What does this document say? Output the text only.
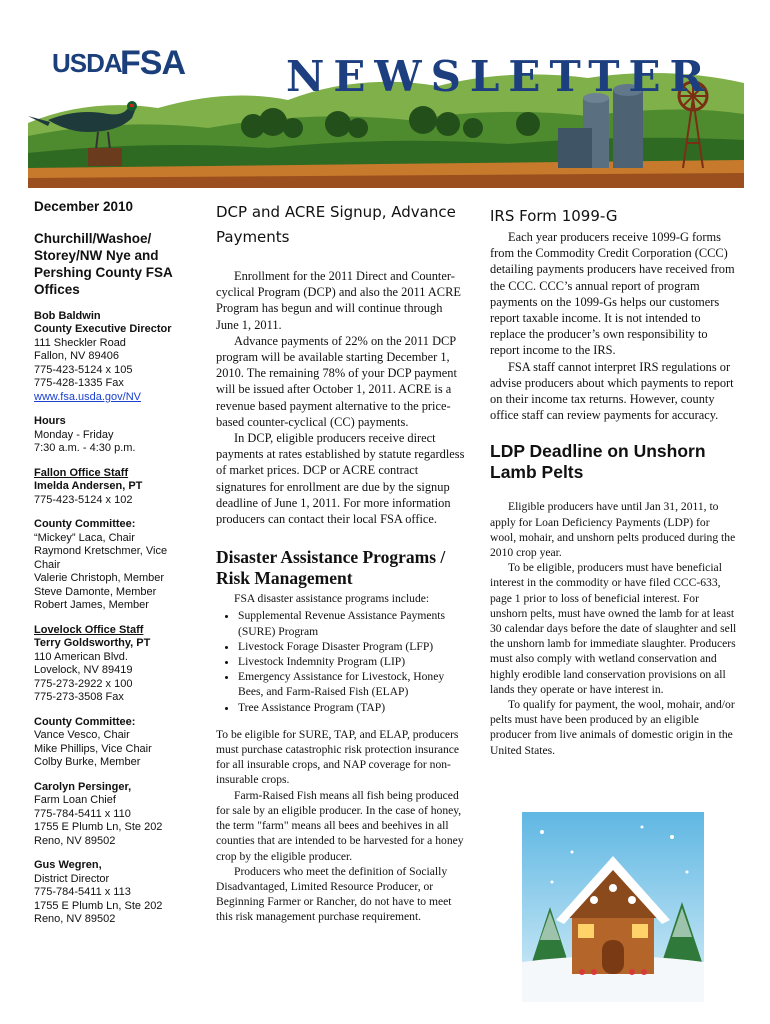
USDA
FSA NEWSLETTER
December 2010
Churchill/Washoe/ Storey/NW Nye and Pershing County FSA Offices
Bob Baldwin
County Executive Director
111 Sheckler Road
Fallon, NV 89406
775-423-5124 x 105
775-428-1335 Fax
www.fsa.usda.gov/NV
Hours
Monday - Friday
7:30 a.m. - 4:30 p.m.
Fallon Office Staff
Imelda Andersen, PT
775-423-5124 x 102
County Committee:
“Mickey” Laca, Chair
Raymond Kretschmer, Vice Chair
Valerie Christoph, Member
Steve Damonte, Member
Robert James, Member
Lovelock Office Staff
Terry Goldsworthy, PT
110 American Blvd.
Lovelock, NV 89419
775-273-2922 x 100
775-273-3508 Fax
County Committee:
Vance Vesco, Chair
Mike Phillips, Vice Chair
Colby Burke, Member
Carolyn Persinger,
Farm Loan Chief
775-784-5411 x 110
1755 E Plumb Ln, Ste 202
Reno, NV 89502
Gus Wegren,
District Director
775-784-5411 x 113
1755 E Plumb Ln, Ste 202
Reno, NV 89502
DCP and ACRE Signup, Advance Payments

Enrollment for the 2011 Direct and Counter-cyclical Program (DCP) and also the 2011 ACRE Program has begun and will continue through June 1, 2011.

Advance payments of 22% on the 2011 DCP program will be available starting December 1, 2010. The remaining 78% of your DCP payment will be issued after October 1, 2011. ACRE is a revenue based payment alternative to the price-based counter-cyclical (CC) payments.

In DCP, eligible producers receive direct payments at rates established by statute regardless of market prices. DCP or ACRE contract signatures for enrollment are due by the signup deadline of June 1, 2011. For more information producers can contact their local FSA office.

Disaster Assistance Programs / Risk Management

FSA disaster assistance programs include:

• Supplemental Revenue Assistance Payments (SURE) Program
• Livestock Forage Disaster Program (LFP)
• Livestock Indemnity Program (LIP)
• Emergency Assistance for Livestock, Honey Bees, and Farm-Raised Fish (ELAP)
• Tree Assistance Program (TAP)

To be eligible for SURE, TAP, and ELAP, producers must purchase catastrophic risk protection insurance for all insurable crops, and NAP coverage for non-insurable crops.

Farm-Raised Fish means all fish being produced for sale by an eligible producer. In the case of honey, the term "farm" means all bees and beehives in all counties that are intended to be harvested for a honey crop by the eligible producer.

Producers who meet the definition of Socially Disadvantaged, Limited Resource Producer, or Beginning Farmer or Rancher, do not have to meet this risk management purchase requirement.

IRS Form 1099-G

Each year producers receive 1099-G forms from the Commodity Credit Corporation (CCC) detailing payments producers have received from the CCC. CCC’s annual report of program payments on the 1099-Gs helps our customers report taxable income. It is not intended to replace the producer’s own responsibility to report income to the IRS.

FSA staff cannot interpret IRS regulations or advise producers about which payments to report on their income tax returns. However, county office staff can review payments for accuracy.

LDP Deadline on Unshorn Lamb Pelts

Eligible producers have until Jan 31, 2011, to apply for Loan Deficiency Payments (LDP) for wool, mohair, and unshorn pelts produced during the 2010 crop year.

To be eligible, producers must have beneficial interest in the commodity or have filed CCC-633, page 1 prior to loss of beneficial interest. For unshorn pelts, must have owned the lamb for at least 30 calendar days before the date of slaughter and sell the unshorn lamb for immediate slaughter. Producers must also comply with wetland conservation and highly erodible land conservation provisions on all lands they operate or have interest in.

To qualify for payment, the wool, mohair, and/or pelts must have been produced by an eligible producer from live animals of domestic origin in the United States.
